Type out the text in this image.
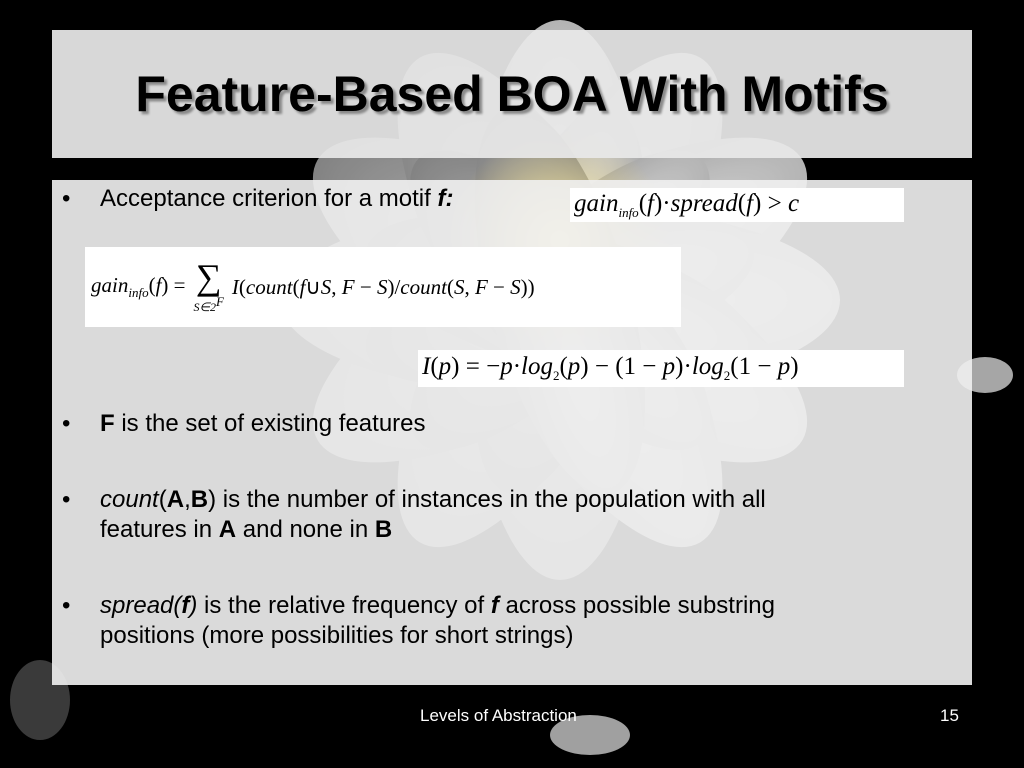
Feature-Based BOA With Motifs
• Acceptance criterion for a motif f:	gain$_{info}$(f)·spread(f) > c
gain$_{info}$(f) = ∑
$S\in 2^F$
I(count(f∪S, F − S)/count(S, F − S))
$I(p) = -p\cdot\log_2(p) - (1 - p)\cdot\log_2(1 - p)$
• F is the set of existing features
• count(A,B) is the number of instances in the population with all
features in A and none in B
• spread(f) is the relative frequency of f across possible substring
positions (more possibilities for short strings)
Levels of Abstraction	15
